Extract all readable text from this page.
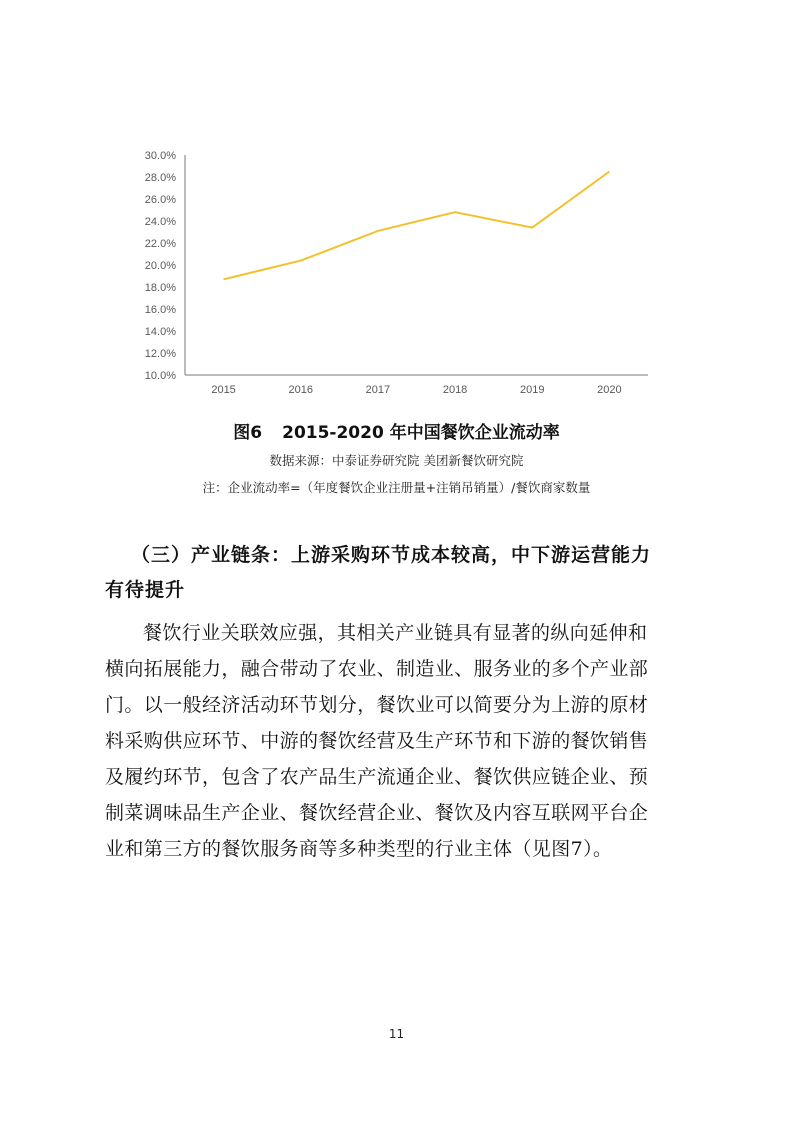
30.0%
28.0%
26.0%
24.0%
22.0%
20.0%
18.0%
16.0%
14.0%
12.0%
10.0%
2015	2016	2017	2018	2019	2020
图6 2015-2020 年中国餐饮企业流动率
数据来源：中泰证券研究院 美团新餐饮研究院
注：企业流动率=（年度餐饮企业注册量+注销吊销量）/餐饮商家数量
（三）产业链条：上游采购环节成本较高，中下游运营能力
有待提升
餐饮行业关联效应强，其相关产业链具有显著的纵向延伸和
横向拓展能力，融合带动了农业、制造业、服务业的多个产业部
门。以一般经济活动环节划分，餐饮业可以简要分为上游的原材
料采购供应环节、中游的餐饮经营及生产环节和下游的餐饮销售
及履约环节，包含了农产品生产流通企业、餐饮供应链企业、预
制菜调味品生产企业、餐饮经营企业、餐饮及内容互联网平台企
业和第三方的餐饮服务商等多种类型的行业主体（见图7）。
11
